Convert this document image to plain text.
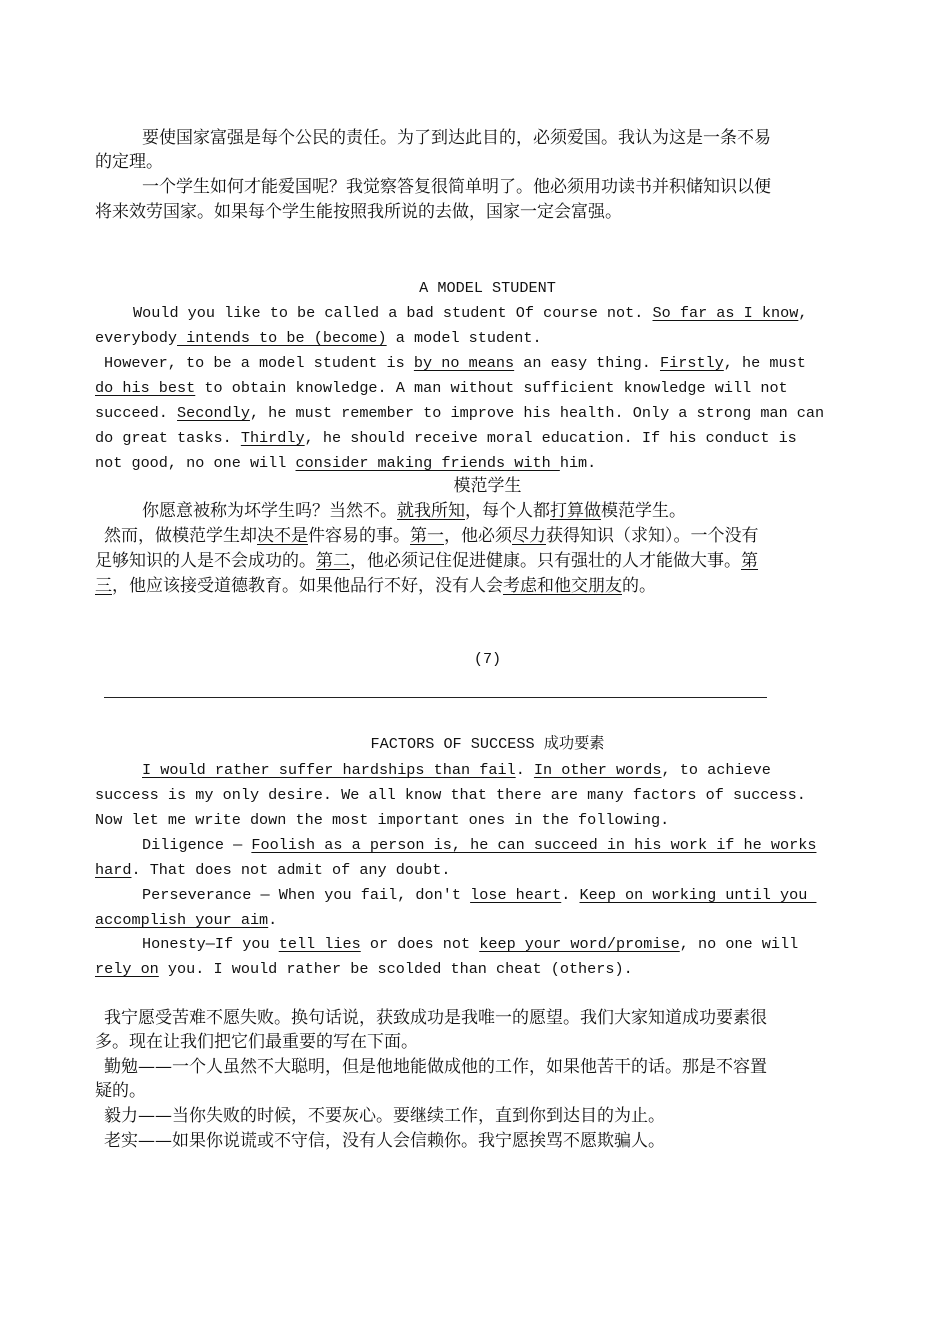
要使国家富强是每个公民的责任。为了到达此目的，必须爱国。我认为这是一条不易
的定理。
一个学生如何才能爱国呢？我觉察答复很简单明了。他必须用功读书并积储知识以便
将来效劳国家。如果每个学生能按照我所说的去做，国家一定会富强。
A MODEL STUDENT
Would you like to be called a bad student Of course not. So far as I know,
everybody intends to be (become) a model student.
However, to be a model student is by no means an easy thing. Firstly, he must
do his best to obtain knowledge. A man without sufficient knowledge will not
succeed. Secondly, he must remember to improve his health. Only a strong man can
do great tasks. Thirdly, he should receive moral education. If his conduct is
not good, no one will consider making friends with him.
模范学生
你愿意被称为坏学生吗？当然不。就我所知，每个人都打算做模范学生。
然而，做模范学生却决不是件容易的事。第一，他必须尽力获得知识（求知）。一个没有
足够知识的人是不会成功的。第二，他必须记住促进健康。只有强壮的人才能做大事。第
三，他应该接受道德教育。如果他品行不好，没有人会考虑和他交朋友的。
(7)
FACTORS OF SUCCESS 成功要素
I would rather suffer hardships than fail. In other words, to achieve
success is my only desire. We all know that there are many factors of success.
Now let me write down the most important ones in the following.
Diligence — Foolish as a person is, he can succeed in his work if he works
hard. That does not admit of any doubt.
Perseverance — When you fail, don't lose heart. Keep on working until you
accomplish your aim.
Honesty—If you tell lies or does not keep your word/promise, no one will
rely on you. I would rather be scolded than cheat (others).
我宁愿受苦难不愿失败。换句话说，获致成功是我唯一的愿望。我们大家知道成功要素很
多。现在让我们把它们最重要的写在下面。
勤勉——一个人虽然不大聪明，但是他地能做成他的工作，如果他苦干的话。那是不容置
疑的。
毅力——当你失败的时候，不要灰心。要继续工作，直到你到达目的为止。
老实——如果你说谎或不守信，没有人会信赖你。我宁愿挨骂不愿欺骗人。
